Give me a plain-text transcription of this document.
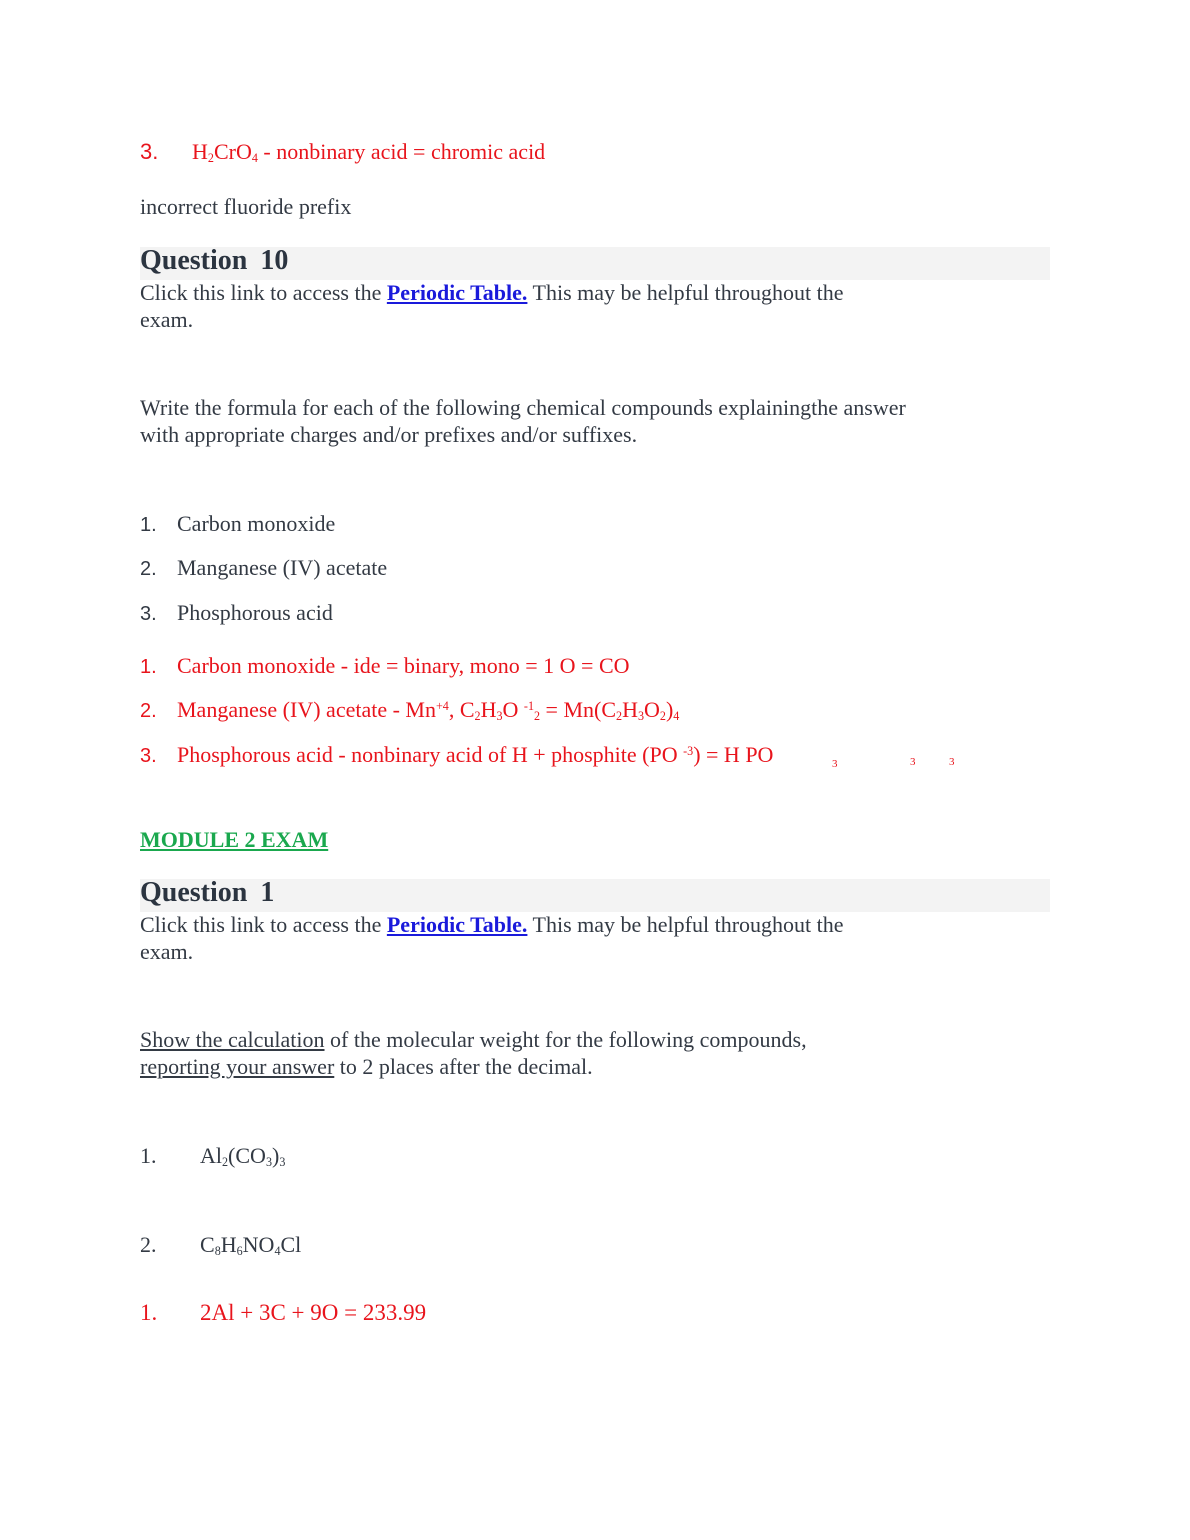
3. $H_2CrO_4$ - nonbinary acid = chromic acid
incorrect fluoride prefix
Question 10
Click this link to access the Periodic Table. This may be helpful throughout the
exam.
Write the formula for each of the following chemical compounds explainingthe answer
with appropriate charges and/or prefixes and/or suffixes.
1. Carbon monoxide
2. Manganese (IV) acetate
3. Phosphorous acid
1. Carbon monoxide - ide = binary, mono = 1 O = CO
2. Manganese (IV) acetate - $Mn^{+4}$, $C_2H_3O$ $^{-1}_2 = Mn(C_2H_3O_2)_4$
3. Phosphorous acid - nonbinary acid of H + phosphite (PO $^{-3}$) = H PO	3	3	3
MODULE 2 EXAM
Question 1
Click this link to access the Periodic Table. This may be helpful throughout the
exam.
Show the calculation of the molecular weight for the following compounds,
reporting your answer to 2 places after the decimal.
1. $Al_2(CO_3)_3$
2. $C_8H_6NO_4Cl$
1. 2Al + 3C + 9O = 233.99
